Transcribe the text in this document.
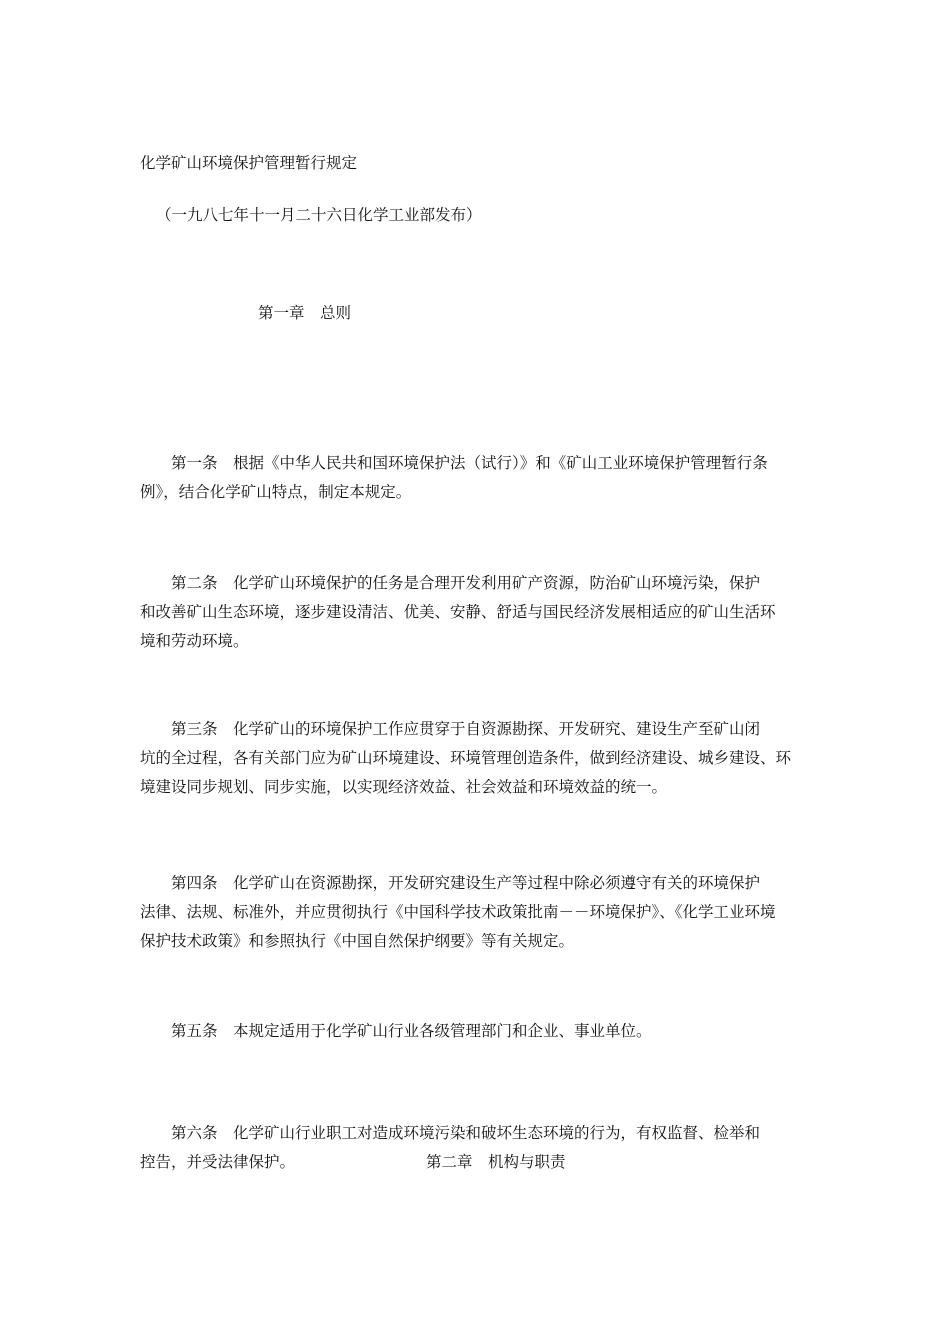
化学矿山环境保护管理暂行规定
（一九八七年十一月二十六日化学工业部发布）
第一章　总则
　　第一条　根据《中华人民共和国环境保护法（试行）》和《矿山工业环境保护管理暂行条
例》，结合化学矿山特点，制定本规定。
　　第二条　化学矿山环境保护的任务是合理开发利用矿产资源，防治矿山环境污染，保护
和改善矿山生态环境，逐步建设清洁、优美、安静、舒适与国民经济发展相适应的矿山生活环
境和劳动环境。
　　第三条　化学矿山的环境保护工作应贯穿于自资源勘探、开发研究、建设生产至矿山闭
坑的全过程，各有关部门应为矿山环境建设、环境管理创造条件，做到经济建设、城乡建设、环
境建设同步规划、同步实施，以实现经济效益、社会效益和环境效益的统一。
　　第四条　化学矿山在资源勘探，开发研究建设生产等过程中除必须遵守有关的环境保护
法律、法规、标准外，并应贯彻执行《中国科学技术政策批南－－环境保护》、《化学工业环境
保护技术政策》和参照执行《中国自然保护纲要》等有关规定。
　　第五条　本规定适用于化学矿山行业各级管理部门和企业、事业单位。
　　第六条　化学矿山行业职工对造成环境污染和破坏生态环境的行为，有权监督、检举和
控告，并受法律保护。	第二章　机构与职责
